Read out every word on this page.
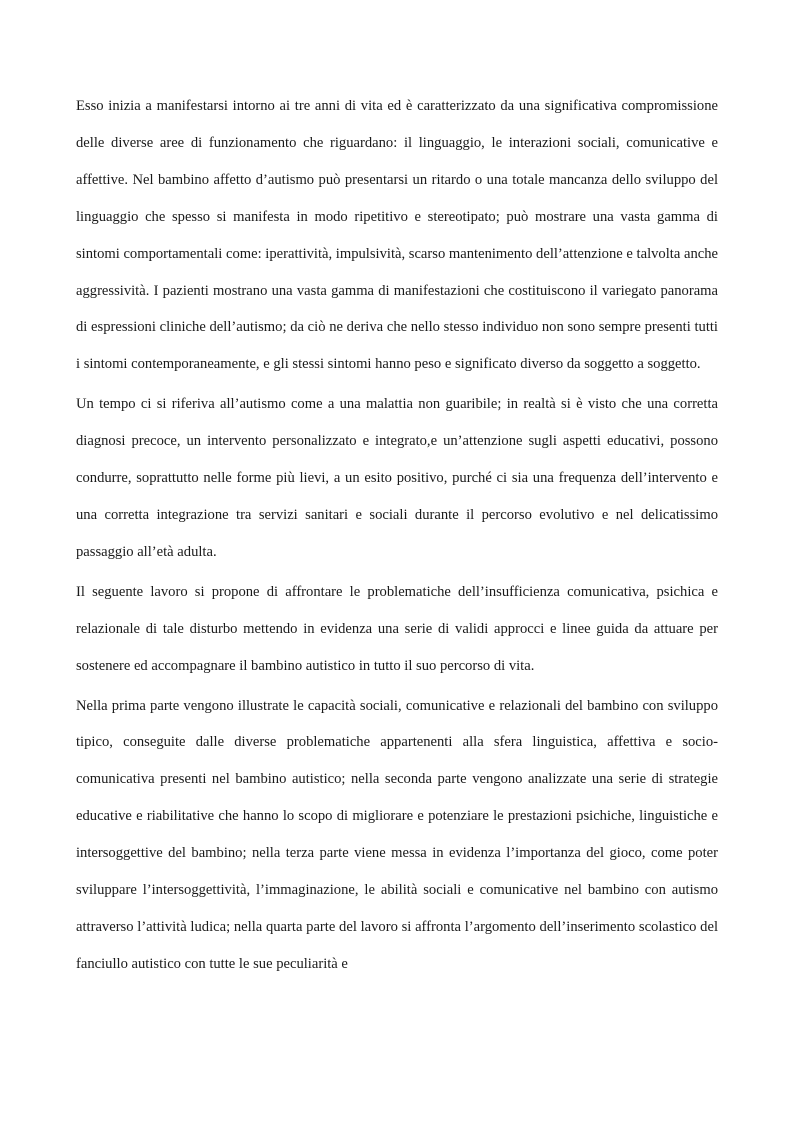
Esso inizia a manifestarsi intorno ai tre anni di vita ed è caratterizzato da una significativa compromissione delle diverse aree di funzionamento che riguardano: il linguaggio, le interazioni sociali, comunicative e affettive. Nel bambino affetto d’autismo può presentarsi un ritardo o una totale mancanza dello sviluppo del linguaggio che spesso si manifesta in modo ripetitivo e stereotipato; può mostrare una vasta gamma di sintomi comportamentali come: iperattività, impulsività, scarso mantenimento dell’attenzione e talvolta anche aggressività. I pazienti mostrano una vasta gamma di manifestazioni che costituiscono il variegato panorama di espressioni cliniche dell’autismo; da ciò ne deriva che nello stesso individuo non sono sempre presenti tutti i sintomi contemporaneamente, e gli stessi sintomi hanno peso e significato diverso da soggetto a soggetto.

Un tempo ci si riferiva all’autismo come a una malattia non guaribile; in realtà si è visto che una corretta diagnosi precoce, un intervento personalizzato e integrato,e un’attenzione sugli aspetti educativi, possono condurre, soprattutto nelle forme più lievi, a un esito positivo, purché ci sia una frequenza dell’intervento e una corretta integrazione tra servizi sanitari e sociali durante il percorso evolutivo e nel delicatissimo passaggio all’età adulta.

Il seguente lavoro si propone di affrontare le problematiche dell’insufficienza comunicativa, psichica e relazionale di tale disturbo mettendo in evidenza una serie di validi approcci e linee guida da attuare per sostenere ed accompagnare il bambino autistico in tutto il suo percorso di vita.

Nella prima parte vengono illustrate le capacità sociali, comunicative e relazionali del bambino con sviluppo tipico, conseguite dalle diverse problematiche appartenenti alla sfera linguistica, affettiva e socio-comunicativa presenti nel bambino autistico; nella seconda parte vengono analizzate una serie di strategie educative e riabilitative che hanno lo scopo di migliorare e potenziare le prestazioni psichiche, linguistiche e intersoggettive del bambino; nella terza parte viene messa in evidenza l’importanza del gioco, come poter sviluppare l’intersoggettività, l’immaginazione, le abilità sociali e comunicative nel bambino con autismo attraverso l’attività ludica; nella quarta parte del lavoro si affronta l’argomento dell’inserimento scolastico del fanciullo autistico con tutte le sue peculiarità e
